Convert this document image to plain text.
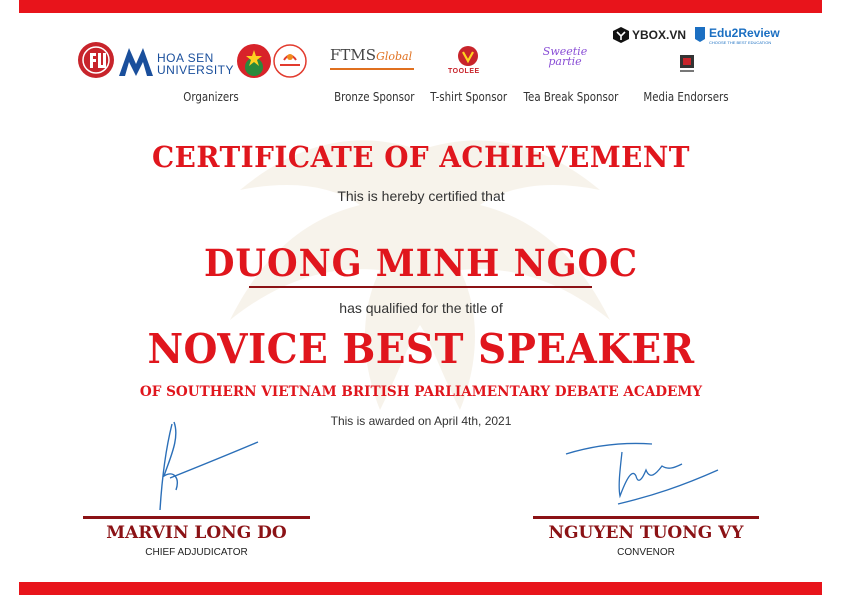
HOA SEN
UNIVERSITY
Organizers
FTMSGlobal
Bronze Sponsor
TOOLEE
T-shirt Sponsor
Sweetie
partie
Tea Break Sponsor
YBOX.VN Edu2Review
CHOOSE THE BEST EDUCATION
Media Endorsers
CERTIFICATE OF ACHIEVEMENT
This is hereby certified that
DUONG MINH NGOC
has qualified for the title of
NOVICE BEST SPEAKER
OF SOUTHERN VIETNAM BRITISH PARLIAMENTARY DEBATE ACADEMY
This is awarded on April 4th, 2021
MARVIN LONG DO
CHIEF ADJUDICATOR
NGUYEN TUONG VY
CONVENOR
